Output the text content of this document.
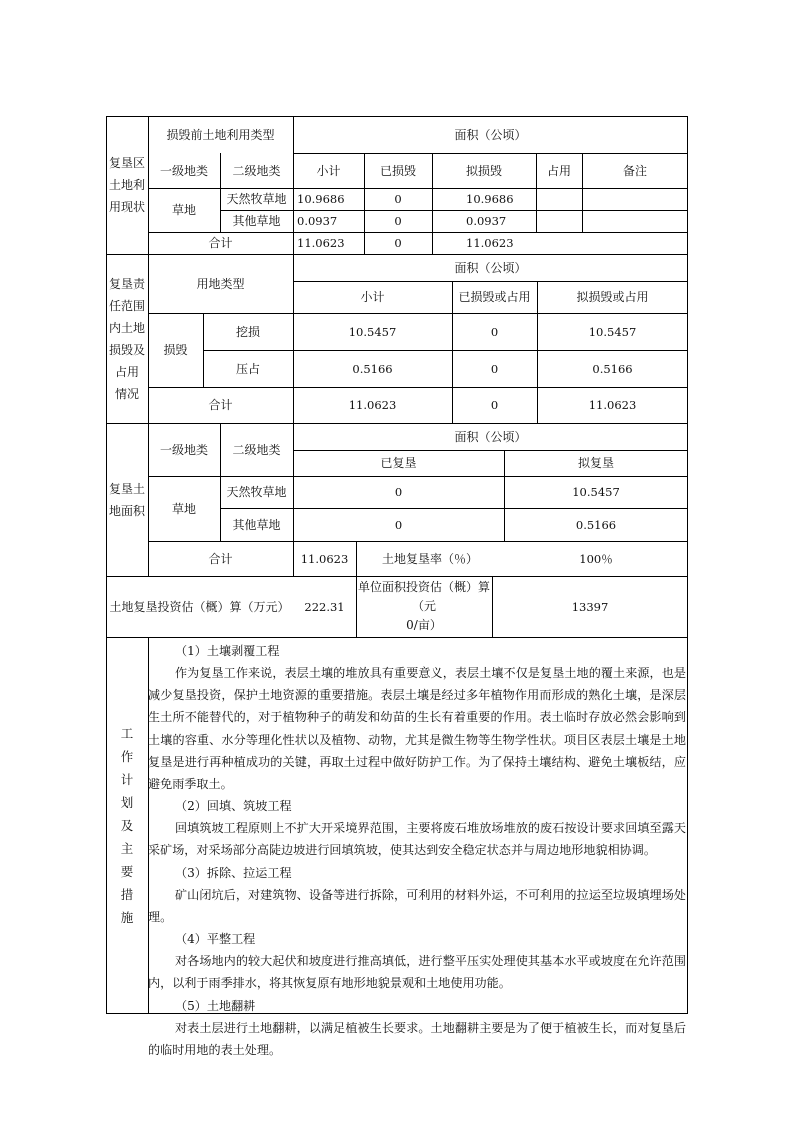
复垦区
土地利
用现状
损毁前土地利用类型	面积（公顷）
一级地类	二级地类	小计	已损毁	拟损毁	占用	备注
草地
天然牧草地 10.9686	0	10.9686
其他草地	0.0937	0	0.0937
合计	11.0623	0	11.0623
复垦责
任范围
内土地
损毁及
占用
情况
用地类型
面积（公顷）
小计	已损毁或占用	拟损毁或占用
损毁
挖损	10.5457	0	10.5457
压占	0.5166	0	0.5166
合计	11.0623	0	11.0623
复垦土
地面积
一级地类	二级地类
面积（公顷）
已复垦	拟复垦
草地
天然牧草地	0	10.5457
其他草地	0	0.5166
合计	11.0623	土地复垦率（％）	100％
土地复垦投资估（概）算（万元）	222.31
单位面积投资估（概）算
（元
0/亩）
13397
工
作
计
划
及
主
要
措
施

（1）土壤剥覆工程

作为复垦工作来说，表层土壤的堆放具有重要意义，表层土壤不仅是复垦土地的覆土来源，也是减少复垦投资，保护土地资源的重要措施。表层土壤是经过多年植物作用而形成的熟化土壤，是深层生土所不能替代的，对于植物种子的萌发和幼苗的生长有着重要的作用。表土临时存放必然会影响到土壤的容重、水分等理化性状以及植物、动物，尤其是微生物等生物学性状。项目区表层土壤是土地复垦是进行再种植成功的关键，再取土过程中做好防护工作。为了保持土壤结构、避免土壤板结，应避免雨季取土。

（2）回填、筑坡工程

回填筑坡工程原则上不扩大开采境界范围，主要将废石堆放场堆放的废石按设计要求回填至露天采矿场，对采场部分高陡边坡进行回填筑坡，使其达到安全稳定状态并与周边地形地貌相协调。

（3）拆除、拉运工程

矿山闭坑后，对建筑物、设备等进行拆除，可利用的材料外运，不可利用的拉运至垃圾填埋场处理。

（4）平整工程

对各场地内的较大起伏和坡度进行推高填低，进行整平压实处理使其基本水平或坡度在允许范围内，以利于雨季排水，将其恢复原有地形地貌景观和土地使用功能。

（5）土地翻耕

对表土层进行土地翻耕，以满足植被生长要求。土地翻耕主要是为了便于植被生长，而对复垦后的临时用地的表土处理。
